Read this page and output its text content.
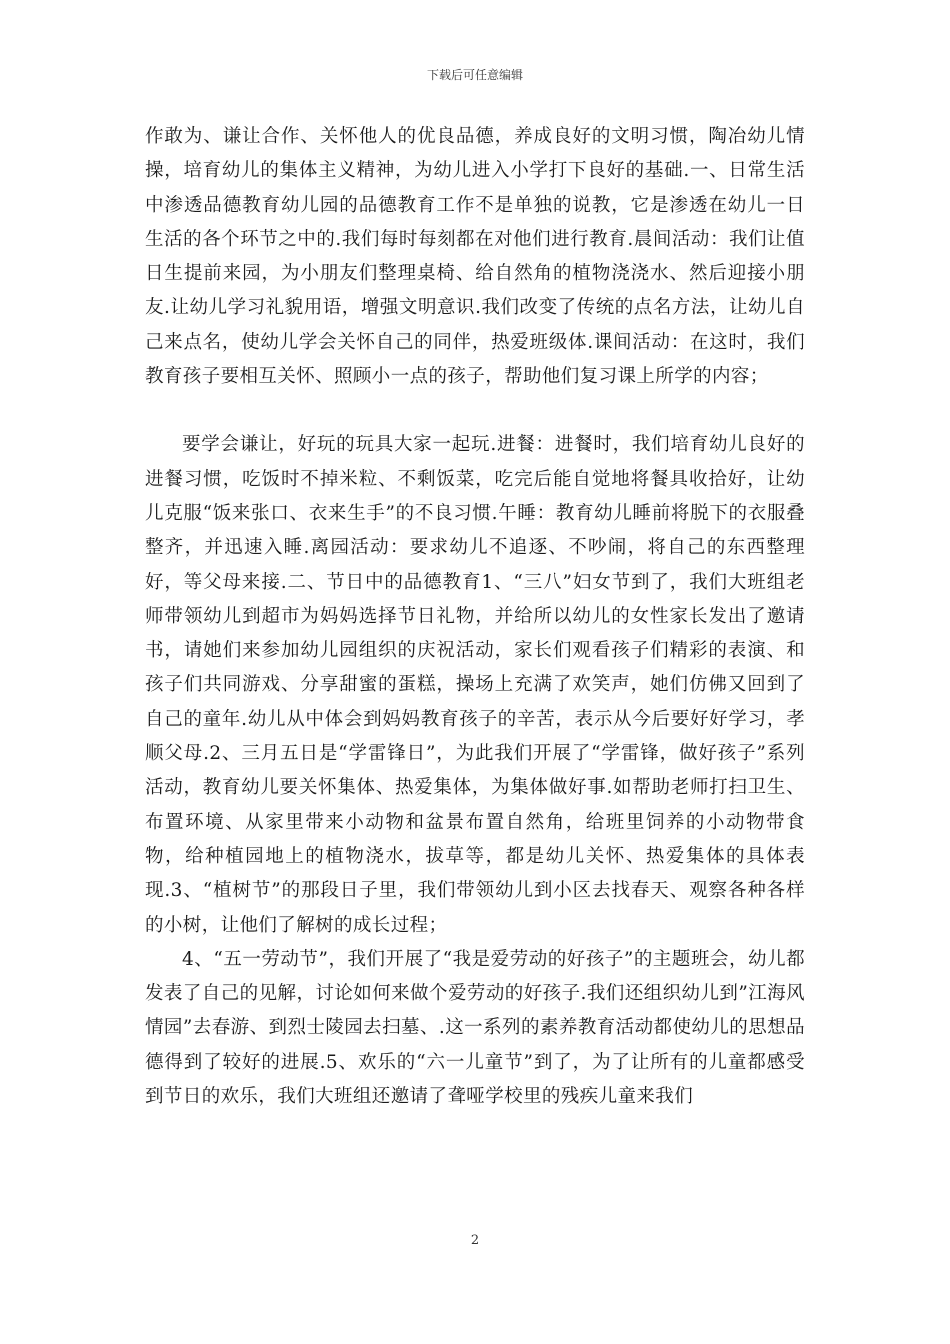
下载后可任意编辑

作敢为、谦让合作、关怀他人的优良品德，养成良好的文明习惯，陶冶幼儿情操，培育幼儿的集体主义精神，为幼儿进入小学打下良好的基础.一、日常生活中渗透品德教育幼儿园的品德教育工作不是单独的说教，它是渗透在幼儿一日生活的各个环节之中的.我们每时每刻都在对他们进行教育.晨间活动：我们让值日生提前来园，为小朋友们整理桌椅、给自然角的植物浇浇水、然后迎接小朋友.让幼儿学习礼貌用语，增强文明意识.我们改变了传统的点名方法，让幼儿自己来点名，使幼儿学会关怀自己的同伴，热爱班级体.课间活动：在这时，我们教育孩子要相互关怀、照顾小一点的孩子，帮助他们复习课上所学的内容；

要学会谦让，好玩的玩具大家一起玩.进餐：进餐时，我们培育幼儿良好的进餐习惯，吃饭时不掉米粒、不剩饭菜，吃完后能自觉地将餐具收拾好，让幼儿克服“饭来张口、衣来生手”的不良习惯.午睡：教育幼儿睡前将脱下的衣服叠整齐，并迅速入睡.离园活动：要求幼儿不追逐、不吵闹，将自己的东西整理好，等父母来接.二、节日中的品德教育1、“三八”妇女节到了，我们大班组老师带领幼儿到超市为妈妈选择节日礼物，并给所以幼儿的女性家长发出了邀请书，请她们来参加幼儿园组织的庆祝活动，家长们观看孩子们精彩的表演、和孩子们共同游戏、分享甜蜜的蛋糕，操场上充满了欢笑声，她们仿佛又回到了自己的童年.幼儿从中体会到妈妈教育孩子的辛苦，表示从今后要好好学习，孝顺父母.2、三月五日是“学雷锋日”，为此我们开展了“学雷锋，做好孩子”系列活动，教育幼儿要关怀集体、热爱集体，为集体做好事.如帮助老师打扫卫生、布置环境、从家里带来小动物和盆景布置自然角，给班里饲养的小动物带食物，给种植园地上的植物浇水，拔草等，都是幼儿关怀、热爱集体的具体表现.3、“植树节”的那段日子里，我们带领幼儿到小区去找春天、观察各种各样的小树，让他们了解树的成长过程；

4、“五一劳动节”，我们开展了“我是爱劳动的好孩子”的主题班会，幼儿都发表了自己的见解，讨论如何来做个爱劳动的好孩子.我们还组织幼儿到”江海风情园”去春游、到烈士陵园去扫墓、.这一系列的素养教育活动都使幼儿的思想品德得到了较好的进展.5、欢乐的“六一儿童节”到了，为了让所有的儿童都感受到节日的欢乐，我们大班组还邀请了聋哑学校里的残疾儿童来我们

2
